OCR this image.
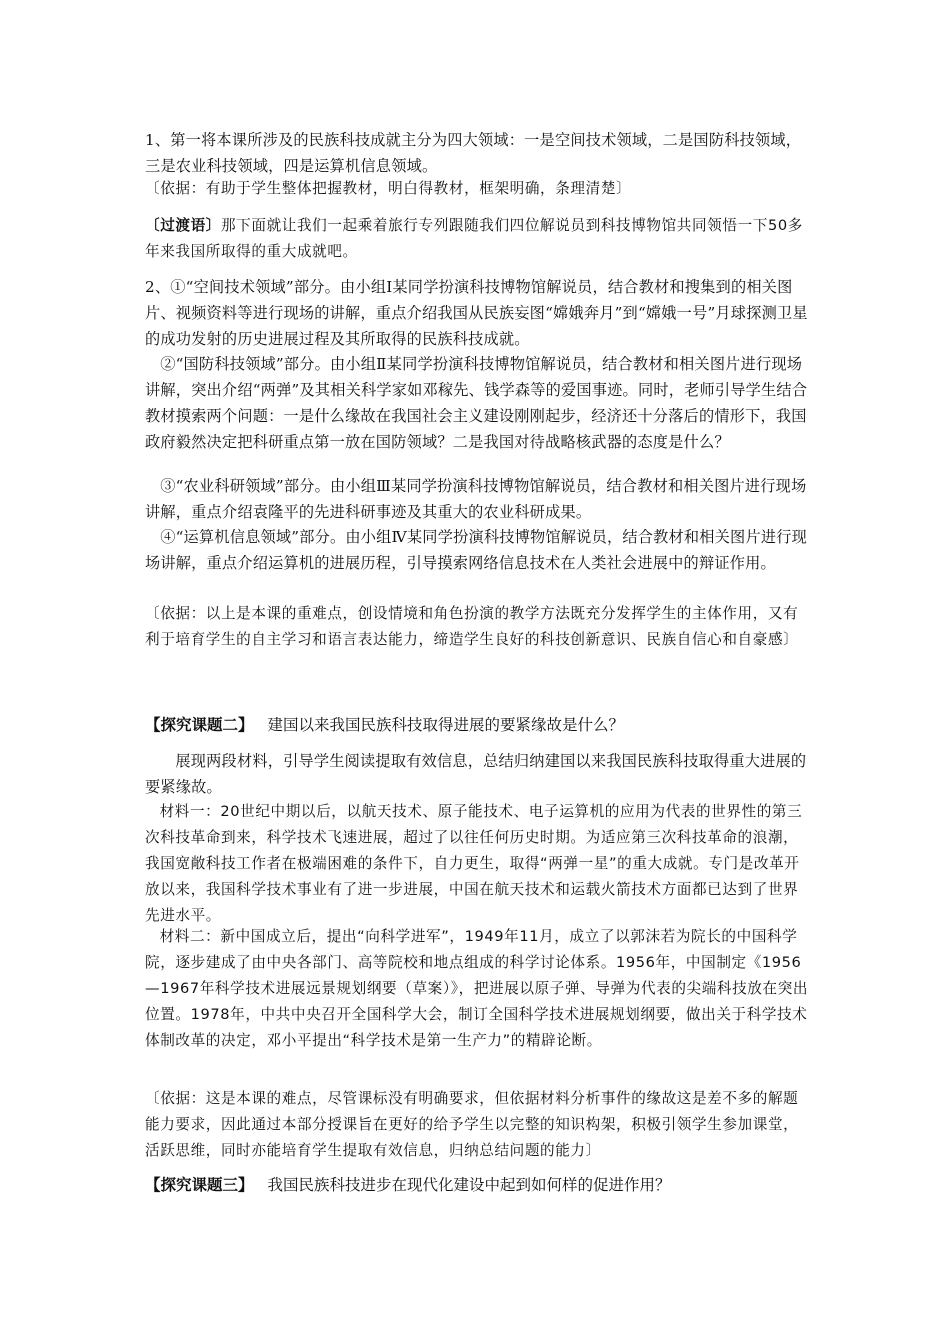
1、第一将本课所涉及的民族科技成就主分为四大领域：一是空间技术领域，二是国防科技领域，三是农业科技领域，四是运算机信息领域。
〔依据：有助于学生整体把握教材，明白得教材，框架明确，条理清楚〕
〔过渡语〕那下面就让我们一起乘着旅行专列跟随我们四位解说员到科技博物馆共同领悟一下50多年来我国所取得的重大成就吧。
2、①“空间技术领域”部分。由小组Ⅰ某同学扮演科技博物馆解说员，结合教材和搜集到的相关图片、视频资料等进行现场的讲解，重点介绍我国从民族妄图“嫦娥奔月”到“嫦娥一号”月球探测卫星的成功发射的历史进展过程及其所取得的民族科技成就。
②“国防科技领域”部分。由小组Ⅱ某同学扮演科技博物馆解说员，结合教材和相关图片进行现场讲解，突出介绍“两弹”及其相关科学家如邓稼先、钱学森等的爱国事迹。同时，老师引导学生结合教材摸索两个问题：一是什么缘故在我国社会主义建设刚刚起步，经济还十分落后的情形下，我国政府毅然决定把科研重点第一放在国防领域？二是我国对待战略核武器的态度是什么？
③“农业科研领域”部分。由小组Ⅲ某同学扮演科技博物馆解说员，结合教材和相关图片进行现场讲解，重点介绍袁隆平的先进科研事迹及其重大的农业科研成果。
④“运算机信息领域”部分。由小组Ⅳ某同学扮演科技博物馆解说员，结合教材和相关图片进行现场讲解，重点介绍运算机的进展历程，引导摸索网络信息技术在人类社会进展中的辩证作用。
〔依据：以上是本课的重难点，创设情境和角色扮演的教学方法既充分发挥学生的主体作用，又有利于培育学生的自主学习和语言表达能力，缔造学生良好的科技创新意识、民族自信心和自豪感〕
【探究课题二】 建国以来我国民族科技取得进展的要紧缘故是什么？
展现两段材料，引导学生阅读提取有效信息，总结归纳建国以来我国民族科技取得重大进展的要紧缘故。
材料一：20世纪中期以后，以航天技术、原子能技术、电子运算机的应用为代表的世界性的第三次科技革命到来，科学技术飞速进展，超过了以往任何历史时期。为适应第三次科技革命的浪潮，我国宽敞科技工作者在极端困难的条件下，自力更生，取得“两弹一星”的重大成就。专门是改革开放以来，我国科学技术事业有了进一步进展，中国在航天技术和运载火箭技术方面都已达到了世界先进水平。
材料二：新中国成立后，提出“向科学进军”，1949年11月，成立了以郭沫若为院长的中国科学院，逐步建成了由中央各部门、高等院校和地点组成的科学讨论体系。1956年，中国制定《1956—1967年科学技术进展远景规划纲要（草案）》，把进展以原子弹、导弹为代表的尖端科技放在突出位置。1978年，中共中央召开全国科学大会，制订全国科学技术进展规划纲要，做出关于科学技术体制改革的决定，邓小平提出“科学技术是第一生产力”的精辟论断。
〔依据：这是本课的难点，尽管课标没有明确要求，但依据材料分析事件的缘故这是差不多的解题能力要求，因此通过本部分授课旨在更好的给予学生以完整的知识构架，积极引领学生参加课堂，活跃思维，同时亦能培育学生提取有效信息，归纳总结问题的能力〕
【探究课题三】 我国民族科技进步在现代化建设中起到如何样的促进作用？
